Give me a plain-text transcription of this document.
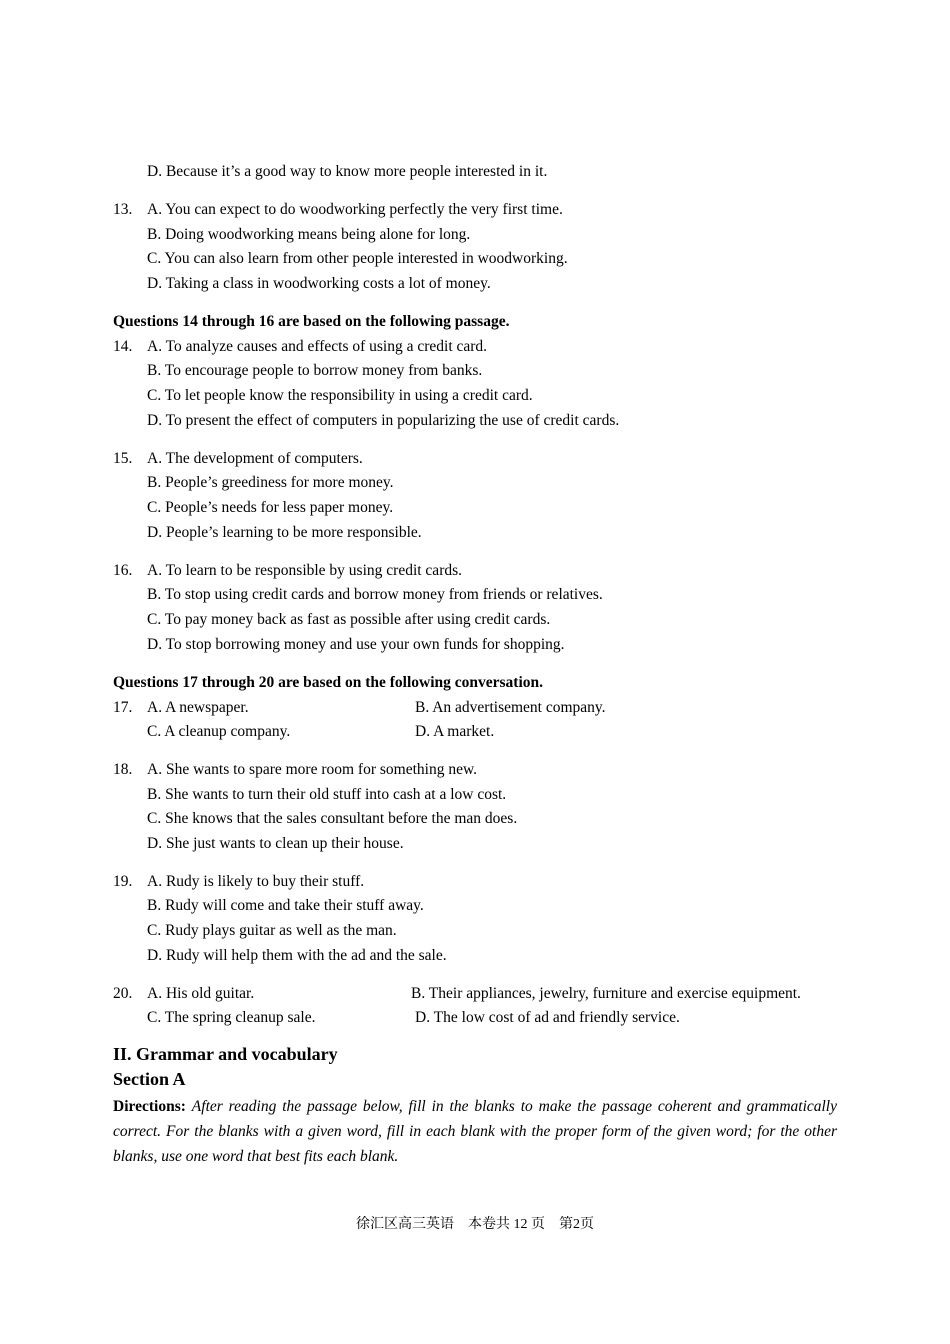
D. Because it’s a good way to know more people interested in it.
13. A. You can expect to do woodworking perfectly the very first time.
B. Doing woodworking means being alone for long.
C. You can also learn from other people interested in woodworking.
D. Taking a class in woodworking costs a lot of money.
Questions 14 through 16 are based on the following passage.
14. A. To analyze causes and effects of using a credit card.
B. To encourage people to borrow money from banks.
C. To let people know the responsibility in using a credit card.
D. To present the effect of computers in popularizing the use of credit cards.
15. A. The development of computers.
B. People’s greediness for more money.
C. People’s needs for less paper money.
D. People’s learning to be more responsible.
16. A. To learn to be responsible by using credit cards.
B. To stop using credit cards and borrow money from friends or relatives.
C. To pay money back as fast as possible after using credit cards.
D. To stop borrowing money and use your own funds for shopping.
Questions 17 through 20 are based on the following conversation.
17. A. A newspaper.	B. An advertisement company.
C. A cleanup company.	D. A market.
18. A. She wants to spare more room for something new.
B. She wants to turn their old stuff into cash at a low cost.
C. She knows that the sales consultant before the man does.
D. She just wants to clean up their house.
19. A. Rudy is likely to buy their stuff.
B. Rudy will come and take their stuff away.
C. Rudy plays guitar as well as the man.
D. Rudy will help them with the ad and the sale.
20. A. His old guitar.	B. Their appliances, jewelry, furniture and exercise equipment.
C. The spring cleanup sale.	D. The low cost of ad and friendly service.
II. Grammar and vocabulary
Section A
Directions: After reading the passage below, fill in the blanks to make the passage coherent and grammatically correct. For the blanks with a given word, fill in each blank with the proper form of the given word; for the other blanks, use one word that best fits each blank.
徐汇区高三英语　本卷共 12 页　第2页
